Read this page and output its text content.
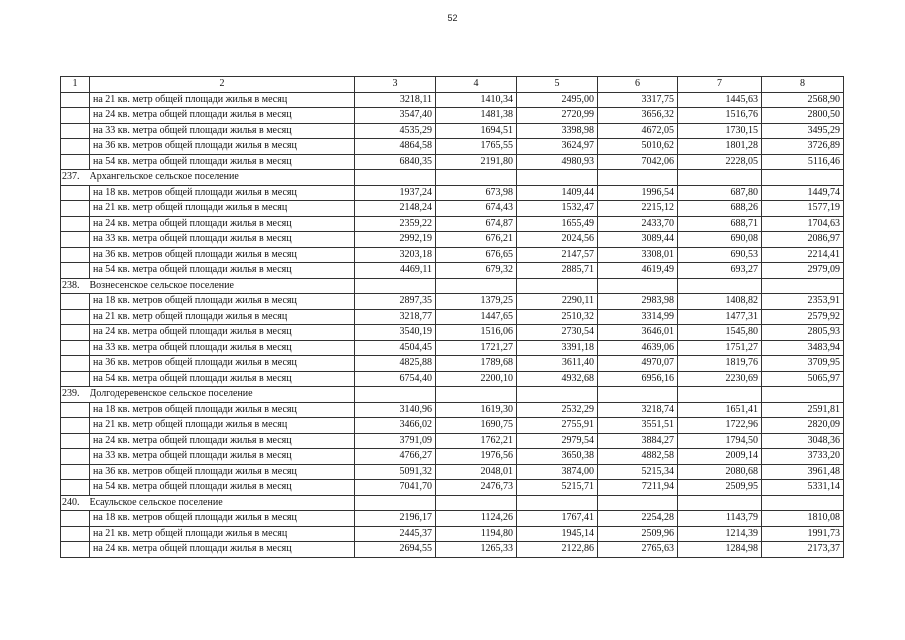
52
1	2	3	4	5	6	7	8
	на 21 кв. метр общей площади жилья в месяц	3218,11	1410,34	2495,00	3317,75	1445,63	2568,90
	на 24 кв. метра общей площади жилья в месяц	3547,40	1481,38	2720,99	3656,32	1516,76	2800,50
	на 33 кв. метра общей площади жилья в месяц	4535,29	1694,51	3398,98	4672,05	1730,15	3495,29
	на 36 кв. метров общей площади жилья в месяц	4864,58	1765,55	3624,97	5010,62	1801,28	3726,89
	на 54 кв. метра общей площади жилья в месяц	6840,35	2191,80	4980,93	7042,06	2228,05	5116,46
237.	Архангельское сельское поселение						
	на 18 кв. метров общей площади жилья в месяц	1937,24	673,98	1409,44	1996,54	687,80	1449,74
	на 21 кв. метр общей площади жилья в месяц	2148,24	674,43	1532,47	2215,12	688,26	1577,19
	на 24 кв. метра общей площади жилья в месяц	2359,22	674,87	1655,49	2433,70	688,71	1704,63
	на 33 кв. метра общей площади жилья в месяц	2992,19	676,21	2024,56	3089,44	690,08	2086,97
	на 36 кв. метров общей площади жилья в месяц	3203,18	676,65	2147,57	3308,01	690,53	2214,41
	на 54 кв. метра общей площади жилья в месяц	4469,11	679,32	2885,71	4619,49	693,27	2979,09
238.	Вознесенское сельское поселение						
	на 18 кв. метров общей площади жилья в месяц	2897,35	1379,25	2290,11	2983,98	1408,82	2353,91
	на 21 кв. метр общей площади жилья в месяц	3218,77	1447,65	2510,32	3314,99	1477,31	2579,92
	на 24 кв. метра общей площади жилья в месяц	3540,19	1516,06	2730,54	3646,01	1545,80	2805,93
	на 33 кв. метра общей площади жилья в месяц	4504,45	1721,27	3391,18	4639,06	1751,27	3483,94
	на 36 кв. метров общей площади жилья в месяц	4825,88	1789,68	3611,40	4970,07	1819,76	3709,95
	на 54 кв. метра общей площади жилья в месяц	6754,40	2200,10	4932,68	6956,16	2230,69	5065,97
239.	Долгодеревенское сельское поселение						
	на 18 кв. метров общей площади жилья в месяц	3140,96	1619,30	2532,29	3218,74	1651,41	2591,81
	на 21 кв. метр общей площади жилья в месяц	3466,02	1690,75	2755,91	3551,51	1722,96	2820,09
	на 24 кв. метра общей площади жилья в месяц	3791,09	1762,21	2979,54	3884,27	1794,50	3048,36
	на 33 кв. метра общей площади жилья в месяц	4766,27	1976,56	3650,38	4882,58	2009,14	3733,20
	на 36 кв. метров общей площади жилья в месяц	5091,32	2048,01	3874,00	5215,34	2080,68	3961,48
	на 54 кв. метра общей площади жилья в месяц	7041,70	2476,73	5215,71	7211,94	2509,95	5331,14
240.	Есаульское сельское поселение						
	на 18 кв. метров общей площади жилья в месяц	2196,17	1124,26	1767,41	2254,28	1143,79	1810,08
	на 21 кв. метр общей площади жилья в месяц	2445,37	1194,80	1945,14	2509,96	1214,39	1991,73
	на 24 кв. метра общей площади жилья в месяц	2694,55	1265,33	2122,86	2765,63	1284,98	2173,37
